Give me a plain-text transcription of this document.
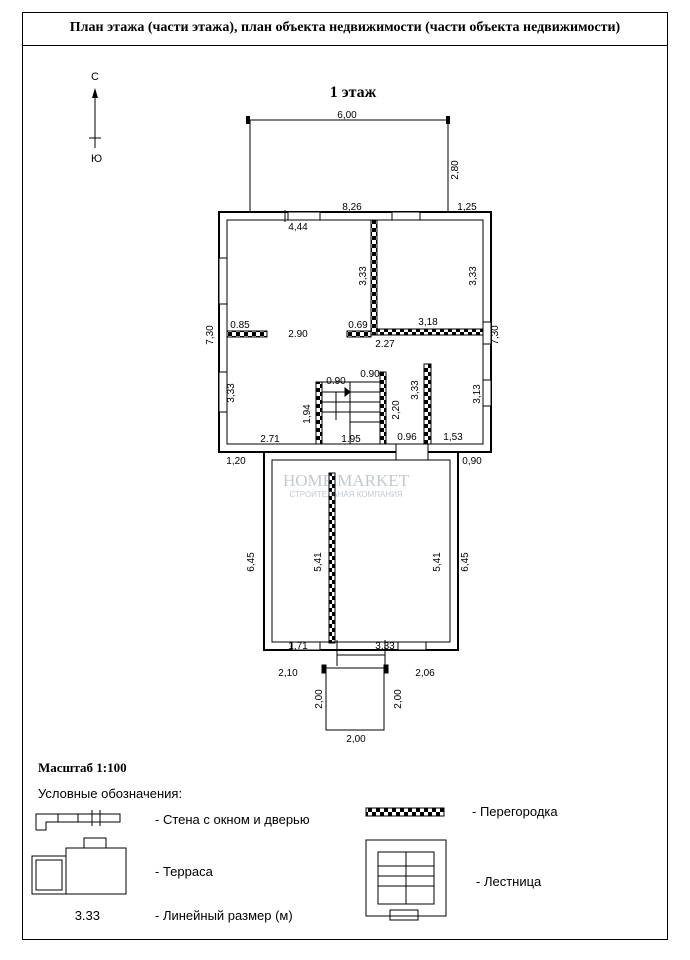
План этажа (части этажа), план объекта недвижимости (части объекта недвижимости)
С
Ю
1 этаж
HOME MARKET
СТРОИТЕЛЬНАЯ КОМПАНИЯ
6,00
2,80
8,26	1,25
4,44
3,33	3,33
7,30	7,30
0.85
2.90
0.69	3,18
2.27
0.90
0.90
3,33	3,13
3,33
1,94	2,20
2.71	1.95	0.96	1,53
1,20	0,90
6,45	6,45
5,41	5,41
1,71	3,33
2,10	2,06
2,00	2,00
2,00
3.33
Масштаб 1:100
Условные обозначения:
- Стена с окном и дверью
- Перегородка
- Терраса
- Лестница
- Линейный размер (м)
